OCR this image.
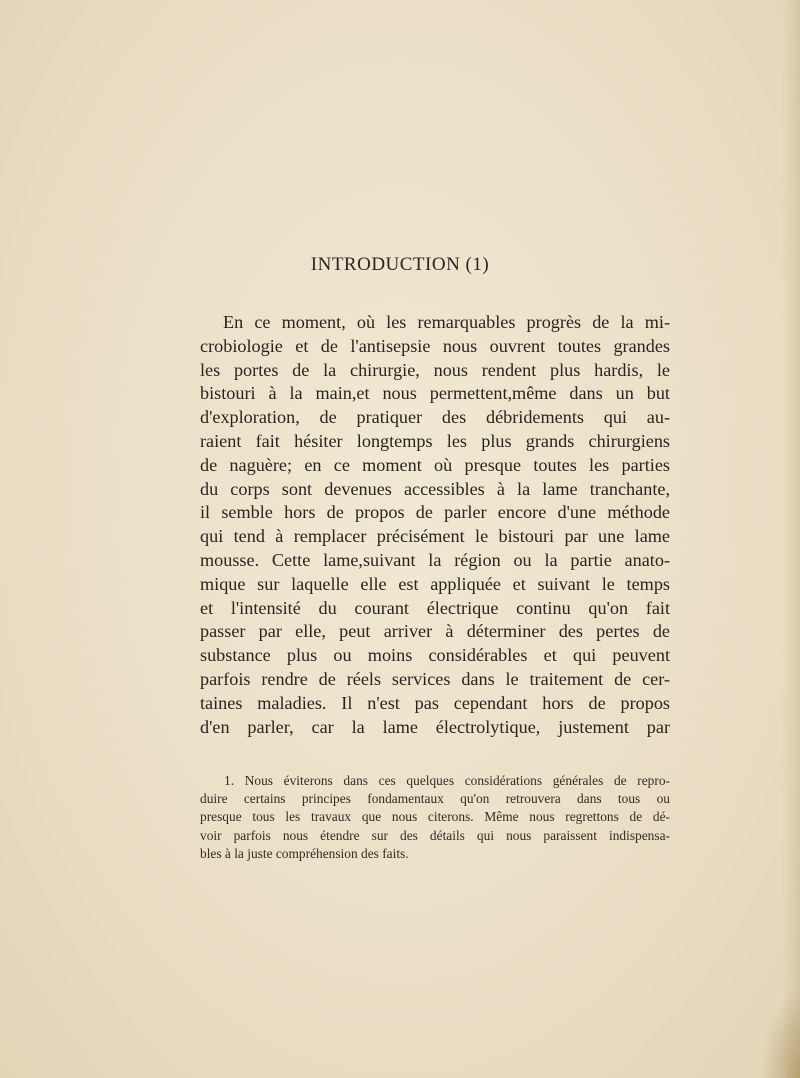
INTRODUCTION (1)
En ce moment, où les remarquables progrès de la mi-
crobiologie et de l'antisepsie nous ouvrent toutes grandes
les portes de la chirurgie, nous rendent plus hardis, le
bistouri à la main,et nous permettent,même dans un but
d'exploration, de pratiquer des débridements qui au-
raient fait hésiter longtemps les plus grands chirurgiens
de naguère; en ce moment où presque toutes les parties
du corps sont devenues accessibles à la lame tranchante,
il semble hors de propos de parler encore d'une méthode
qui tend à remplacer précisément le bistouri par une lame
mousse. Cette lame,suivant la région ou la partie anato-
mique sur laquelle elle est appliquée et suivant le temps
et l'intensité du courant électrique continu qu'on fait
passer par elle, peut arriver à déterminer des pertes de
substance plus ou moins considérables et qui peuvent
parfois rendre de réels services dans le traitement de cer-
taines maladies. Il n'est pas cependant hors de propos
d'en parler, car la lame électrolytique, justement par
1. Nous éviterons dans ces quelques considérations générales de repro-
duire certains principes fondamentaux qu'on retrouvera dans tous ou
presque tous les travaux que nous citerons. Même nous regrettons de dé-
voir parfois nous étendre sur des détails qui nous paraissent indispensa-
bles à la juste compréhension des faits.
